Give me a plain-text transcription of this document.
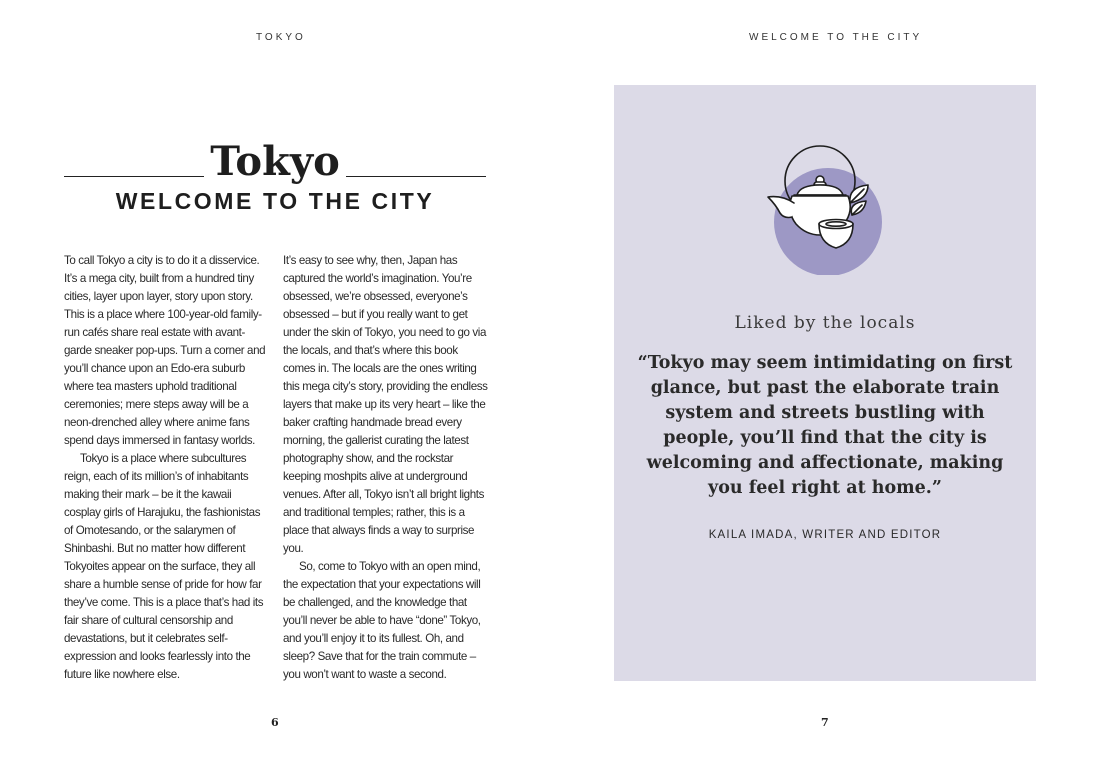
TOKYO
Tokyo
WELCOME TO THE CITY

To call Tokyo a city is to do it a disservice. It’s a mega city, built from a hundred tiny cities, layer upon layer, story upon story. This is a place where 100-year-old family-run cafés share real estate with avant-garde sneaker pop-ups. Turn a corner and you’ll chance upon an Edo-era suburb where tea masters uphold traditional ceremonies; mere steps away will be a neon-drenched alley where anime fans spend days immersed in fantasy worlds.

Tokyo is a place where subcultures reign, each of its million’s of inhabitants making their mark – be it the kawaii cosplay girls of Harajuku, the fashionistas of Omotesando, or the salarymen of Shinbashi. But no matter how different Tokyoites appear on the surface, they all share a humble sense of pride for how far they’ve come. This is a place that’s had its fair share of cultural censorship and devastations, but it celebrates self-expression and looks fearlessly into the future like nowhere else.

It’s easy to see why, then, Japan has captured the world’s imagination. You’re obsessed, we’re obsessed, everyone’s obsessed – but if you really want to get under the skin of Tokyo, you need to go via the locals, and that’s where this book comes in. The locals are the ones writing this mega city’s story, providing the endless layers that make up its very heart – like the baker crafting handmade bread every morning, the gallerist curating the latest photography show, and the rockstar keeping moshpits alive at underground venues. After all, Tokyo isn’t all bright lights and traditional temples; rather, this is a place that always finds a way to surprise you.

So, come to Tokyo with an open mind, the expectation that your expectations will be challenged, and the knowledge that you’ll never be able to have “done” Tokyo, and you’ll enjoy it to its fullest. Oh, and sleep? Save that for the train commute – you won’t want to waste a second.

6
WELCOME TO THE CITY
Liked by the locals
“Tokyo may seem intimidating on first glance, but past the elaborate train system and streets bustling with people, you’ll find that the city is welcoming and affectionate, making you feel right at home.”
KAILA IMADA, WRITER AND EDITOR
7
